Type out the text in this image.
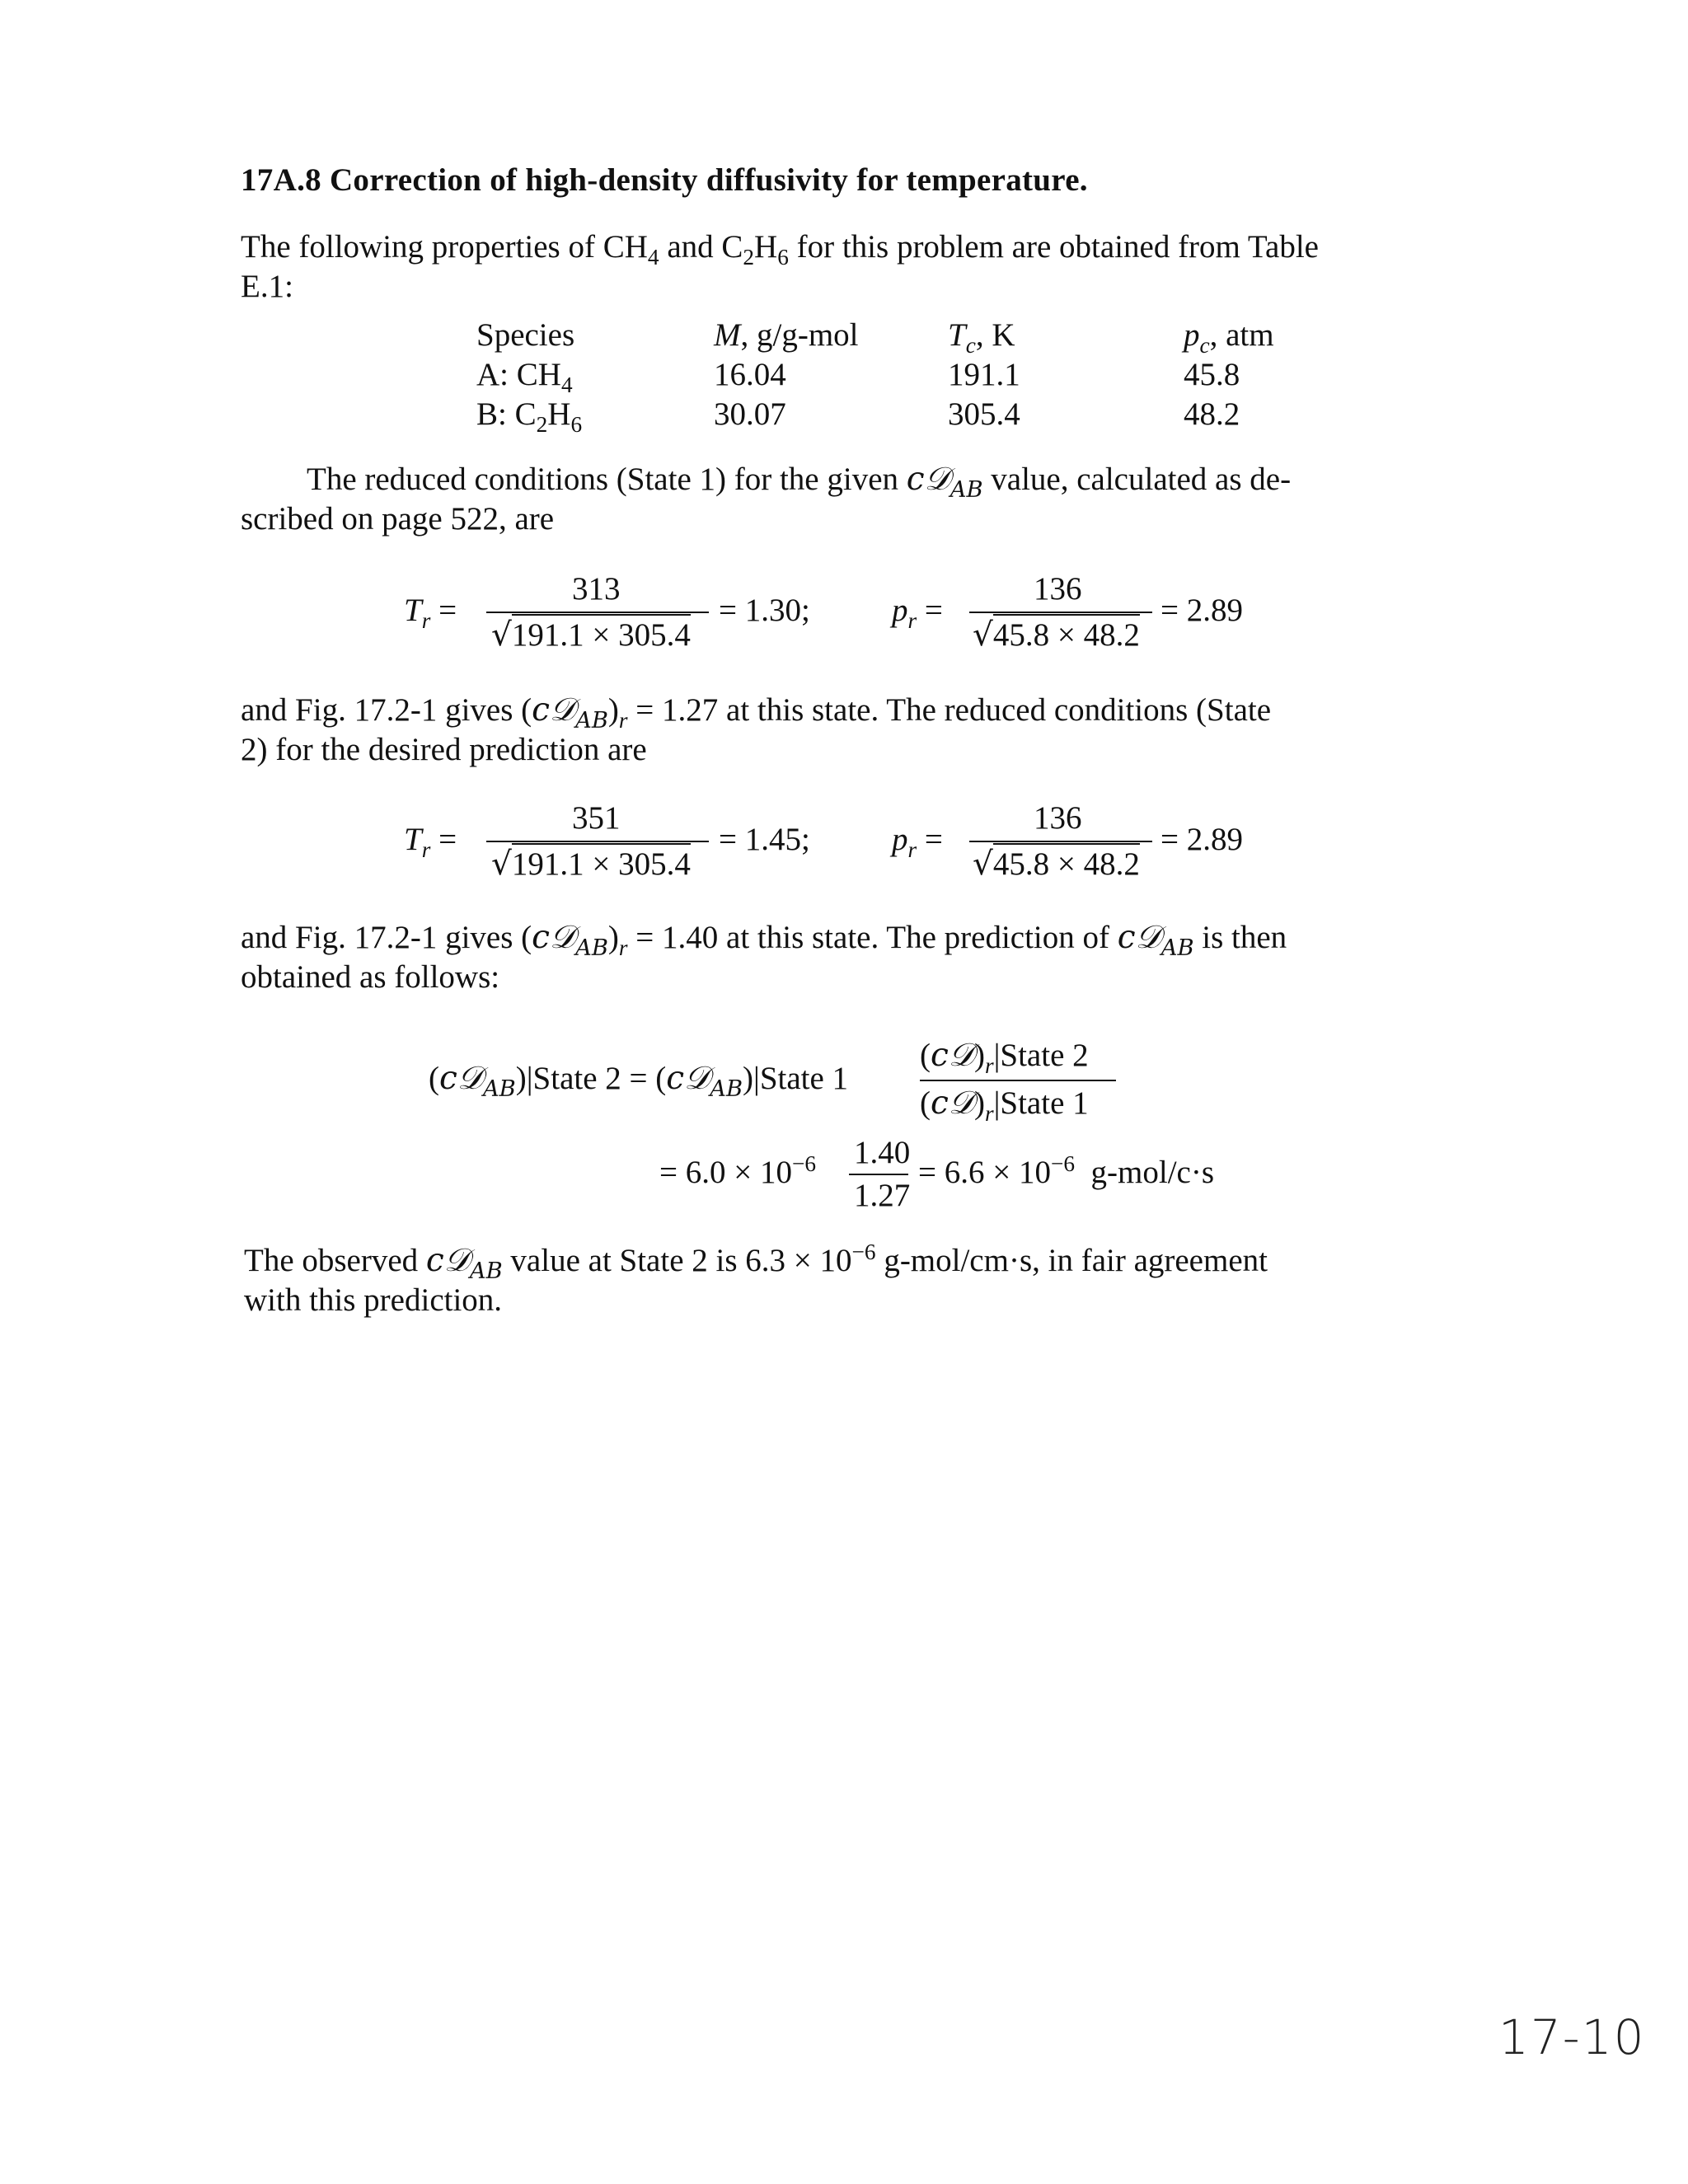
17A.8 Correction of high-density diffusivity for temperature.
The following properties of $CH_4$ and $C_2H_6$ for this problem are obtained from Table
E.1:
Species	M, g/g-mol	$T_c$, K	$p_c$, atm
A: $CH_4$	16.04	191.1	45.8
B: $C_2H_6$	30.07	305.4	48.2
The reduced conditions (State 1) for the given c𝒟$_{AB}$ value, calculated as de-
scribed on page 522, are
$T_r$ =
313
√191.1 × 305.4
= 1.30;	$p_r$ =
136
√45.8 × 48.2
= 2.89
and Fig. 17.2-1 gives $(c𝒟_{AB})_r = 1.27$ at this state. The reduced conditions (State
2) for the desired prediction are
$T_r$ =
351
√191.1 × 305.4
= 1.45;	$p_r$ =
136
√45.8 × 48.2
= 2.89
and Fig. 17.2-1 gives $(c𝒟_{AB})_r = 1.40$ at this state. The prediction of c𝒟$_{AB}$ is then
obtained as follows:
(c𝒟$_{AB}$)|State 2 = (c𝒟$_{AB}$)|State 1
$(c𝒟)_r|State$ 2
$(c𝒟)_r|State$ 1
= $6.0 \times 10^{-6}$ 1.40
1.27
= $6.6 \times 10^{-6}$ g-mol/c·s
The observed c𝒟$_{AB}$ value at State 2 is $6.3 \times 10^{-6}$ g-mol/cm·s, in fair agreement
with this prediction.
17-10
